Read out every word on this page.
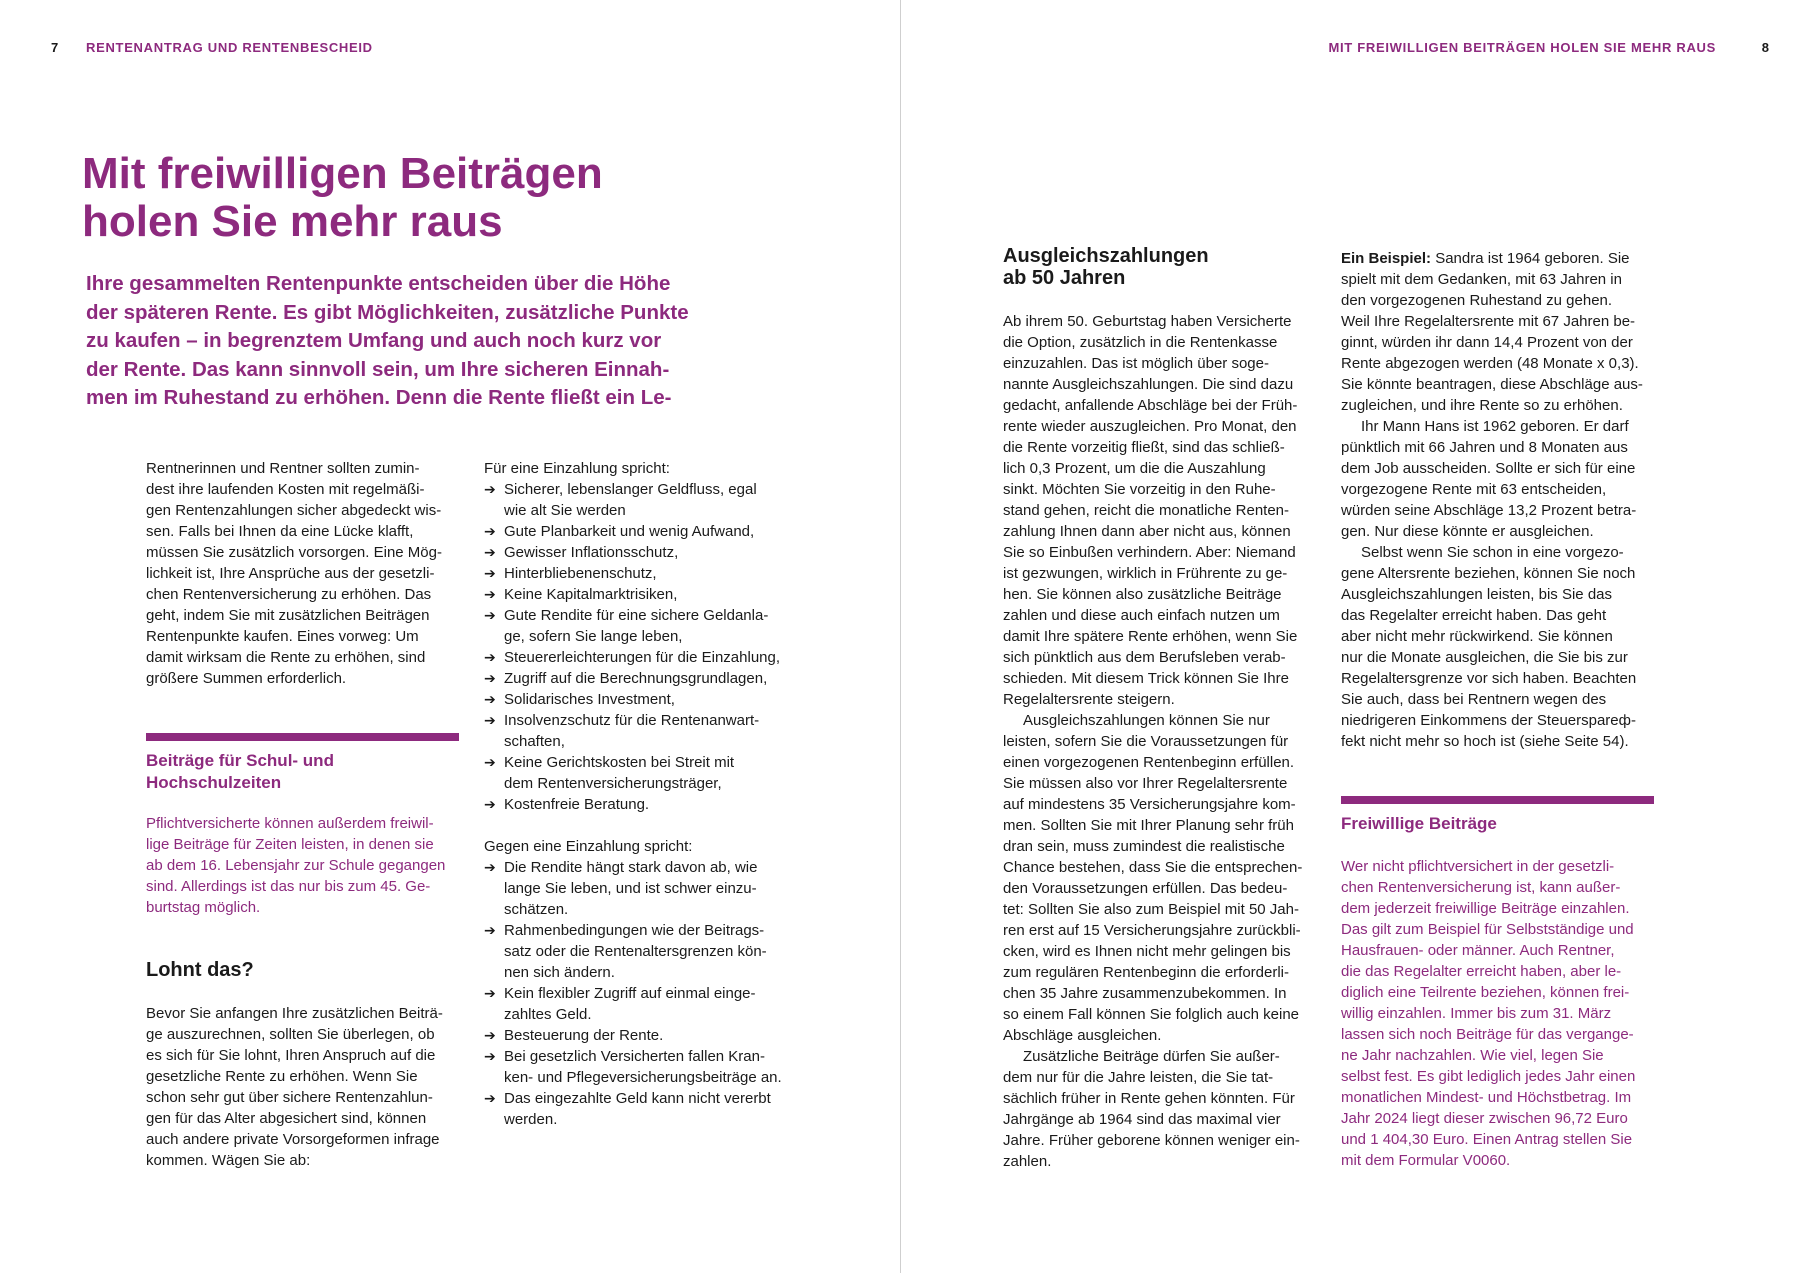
7 RENTENANTRAG UND RENTENBESCHEID
Mit freiwilligen Beiträgen
holen Sie mehr raus
Ihre gesammelten Rentenpunkte entscheiden über die Höhe
der späteren Rente. Es gibt Möglichkeiten, zusätzliche Punkte
zu kaufen – in begrenztem Umfang und auch noch kurz vor
der Rente. Das kann sinnvoll sein, um Ihre sicheren Einnah-
men im Ruhestand zu erhöhen. Denn die Rente fließt ein Le-
Rentnerinnen und Rentner sollten zumin-
dest ihre laufenden Kosten mit regelmäßi-
gen Rentenzahlungen sicher abgedeckt wis-
sen. Falls bei Ihnen da eine Lücke klafft,
müssen Sie zusätzlich vorsorgen. Eine Mög-
lichkeit ist, Ihre Ansprüche aus der gesetzli-
chen Rentenversicherung zu erhöhen. Das
geht, indem Sie mit zusätzlichen Beiträgen
Rentenpunkte kaufen. Eines vorweg: Um
damit wirksam die Rente zu erhöhen, sind
größere Summen erforderlich.
Beiträge für Schul- und
Hochschulzeiten
Pflichtversicherte können außerdem freiwil-
lige Beiträge für Zeiten leisten, in denen sie
ab dem 16. Lebensjahr zur Schule gegangen
sind. Allerdings ist das nur bis zum 45. Ge-
burtstag möglich.
Lohnt das?
Bevor Sie anfangen Ihre zusätzlichen Beiträ-
ge auszurechnen, sollten Sie überlegen, ob
es sich für Sie lohnt, Ihren Anspruch auf die
gesetzliche Rente zu erhöhen. Wenn Sie
schon sehr gut über sichere Rentenzahlun-
gen für das Alter abgesichert sind, können
auch andere private Vorsorgeformen infrage
kommen. Wägen Sie ab:
Für eine Einzahlung spricht:
➔ Sicherer, lebenslanger Geldfluss, egal
wie alt Sie werden
➔ Gute Planbarkeit und wenig Aufwand,
➔ Gewisser Inflationsschutz,
➔ Hinterbliebenenschutz,
➔ Keine Kapitalmarktrisiken,
➔ Gute Rendite für eine sichere Geldanla-
ge, sofern Sie lange leben,
➔ Steuererleichterungen für die Einzahlung,
➔ Zugriff auf die Berechnungsgrundlagen,
➔ Solidarisches Investment,
➔ Insolvenzschutz für die Rentenanwart-
schaften,
➔ Keine Gerichtskosten bei Streit mit
dem Rentenversicherungsträger,
➔ Kostenfreie Beratung.
Gegen eine Einzahlung spricht:
➔ Die Rendite hängt stark davon ab, wie
lange Sie leben, und ist schwer einzu-
schätzen.
➔ Rahmenbedingungen wie der Beitrags-
satz oder die Rentenaltersgrenzen kön-
nen sich ändern.
➔ Kein flexibler Zugriff auf einmal einge-
zahltes Geld.
➔ Besteuerung der Rente.
➔ Bei gesetzlich Versicherten fallen Kran-
ken- und Pflegeversicherungsbeiträge an.
➔ Das eingezahlte Geld kann nicht vererbt
werden.
MIT FREIWILLIGEN BEITRÄGEN HOLEN SIE MEHR RAUS	8
Ausgleichszahlungen
ab 50 Jahren
Ab ihrem 50. Geburtstag haben Versicherte
die Option, zusätzlich in die Rentenkasse
einzuzahlen. Das ist möglich über soge-
nannte Ausgleichszahlungen. Die sind dazu
gedacht, anfallende Abschläge bei der Früh-
rente wieder auszugleichen. Pro Monat, den
die Rente vorzeitig fließt, sind das schließ-
lich 0,3 Prozent, um die die Auszahlung
sinkt. Möchten Sie vorzeitig in den Ruhe-
stand gehen, reicht die monatliche Renten-
zahlung Ihnen dann aber nicht aus, können
Sie so Einbußen verhindern. Aber: Niemand
ist gezwungen, wirklich in Frührente zu ge-
hen. Sie können also zusätzliche Beiträge
zahlen und diese auch einfach nutzen um
damit Ihre spätere Rente erhöhen, wenn Sie
sich pünktlich aus dem Berufsleben verab-
schieden. Mit diesem Trick können Sie Ihre
Regelaltersrente steigern.
Ausgleichszahlungen können Sie nur
leisten, sofern Sie die Voraussetzungen für
einen vorgezogenen Rentenbeginn erfüllen.
Sie müssen also vor Ihrer Regelaltersrente
auf mindestens 35 Versicherungsjahre kom-
men. Sollten Sie mit Ihrer Planung sehr früh
dran sein, muss zumindest die realistische
Chance bestehen, dass Sie die entsprechen-
den Voraussetzungen erfüllen. Das bedeu-
tet: Sollten Sie also zum Beispiel mit 50 Jah-
ren erst auf 15 Versicherungsjahre zurückbli-
cken, wird es Ihnen nicht mehr gelingen bis
zum regulären Rentenbeginn die erforderli-
chen 35 Jahre zusammenzubekommen. In
so einem Fall können Sie folglich auch keine
Abschläge ausgleichen.
Zusätzliche Beiträge dürfen Sie außer-
dem nur für die Jahre leisten, die Sie tat-
sächlich früher in Rente gehen könnten. Für
Jahrgänge ab 1964 sind das maximal vier
Jahre. Früher geborene können weniger ein-
zahlen.
Ein Beispiel: Sandra ist 1964 geboren. Sie
spielt mit dem Gedanken, mit 63 Jahren in
den vorgezogenen Ruhestand zu gehen.
Weil Ihre Regelaltersrente mit 67 Jahren be-
ginnt, würden ihr dann 14,4 Prozent von der
Rente abgezogen werden (48 Monate x 0,3).
Sie könnte beantragen, diese Abschläge aus-
zugleichen, und ihre Rente so zu erhöhen.
Ihr Mann Hans ist 1962 geboren. Er darf
pünktlich mit 66 Jahren und 8 Monaten aus
dem Job ausscheiden. Sollte er sich für eine
vorgezogene Rente mit 63 entscheiden,
würden seine Abschläge 13,2 Prozent betra-
gen. Nur diese könnte er ausgleichen.
Selbst wenn Sie schon in eine vorgezo-
gene Altersrente beziehen, können Sie noch
Ausgleichszahlungen leisten, bis Sie das
das Regelalter erreicht haben. Das geht
aber nicht mehr rückwirkend. Sie können
nur die Monate ausgleichen, die Sie bis zur
Regelaltersgrenze vor sich haben. Beachten
Sie auch, dass bei Rentnern wegen des
niedrigeren Einkommens der Steuerspareф-
fekt nicht mehr so hoch ist (siehe Seite 54).
Freiwillige Beiträge
Wer nicht pflichtversichert in der gesetzli-
chen Rentenversicherung ist, kann außer-
dem jederzeit freiwillige Beiträge einzahlen.
Das gilt zum Beispiel für Selbstständige und
Hausfrauen- oder männer. Auch Rentner,
die das Regelalter erreicht haben, aber le-
diglich eine Teilrente beziehen, können frei-
willig einzahlen. Immer bis zum 31. März
lassen sich noch Beiträge für das vergange-
ne Jahr nachzahlen. Wie viel, legen Sie
selbst fest. Es gibt lediglich jedes Jahr einen
monatlichen Mindest- und Höchstbetrag. Im
Jahr 2024 liegt dieser zwischen 96,72 Euro
und 1 404,30 Euro. Einen Antrag stellen Sie
mit dem Formular V0060.
